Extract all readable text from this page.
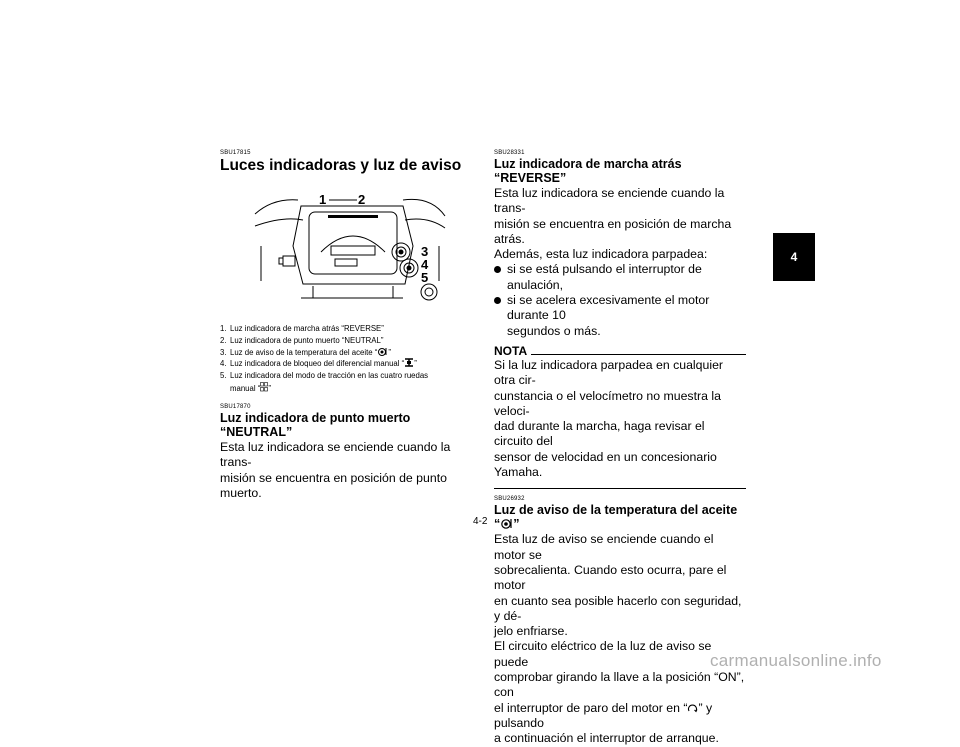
4
SBU17815
Luces indicadoras y luz de aviso
1 2
3
4
5
1. Luz indicadora de marcha atrás “REVERSE”
2. Luz indicadora de punto muerto “NEUTRAL”
3. Luz de aviso de la temperatura del aceite “ ”
4. Luz indicadora de bloqueo del diferencial manual “ ”
5. Luz indicadora del modo de tracción en las cuatro ruedas
manual “ ”
SBU17870
Luz indicadora de punto muerto “NEUTRAL”
Esta luz indicadora se enciende cuando la trans-
misión se encuentra en posición de punto muerto.
SBU28331
Luz indicadora de marcha atrás “REVERSE”
Esta luz indicadora se enciende cuando la trans-
misión se encuentra en posición de marcha atrás.
Además, esta luz indicadora parpadea:
si se está pulsando el interruptor de anulación,
si se acelera excesivamente el motor durante 10
segundos o más.
NOTA
Si la luz indicadora parpadea en cualquier otra cir-
cunstancia o el velocímetro no muestra la veloci-
dad durante la marcha, haga revisar el circuito del
sensor de velocidad en un concesionario Yamaha.
SBU26932
Luz de aviso de la temperatura del aceite “ ”
Esta luz de aviso se enciende cuando el motor se
sobrecalienta. Cuando esto ocurra, pare el motor
en cuanto sea posible hacerlo con seguridad, y dé-
jelo enfriarse.
El circuito eléctrico de la luz de aviso se puede
comprobar girando la llave a la posición “ON”, con
el interruptor de paro del motor en “ ” y pulsando
a continuación el interruptor de arranque.
4-2
carmanualsonline.info
